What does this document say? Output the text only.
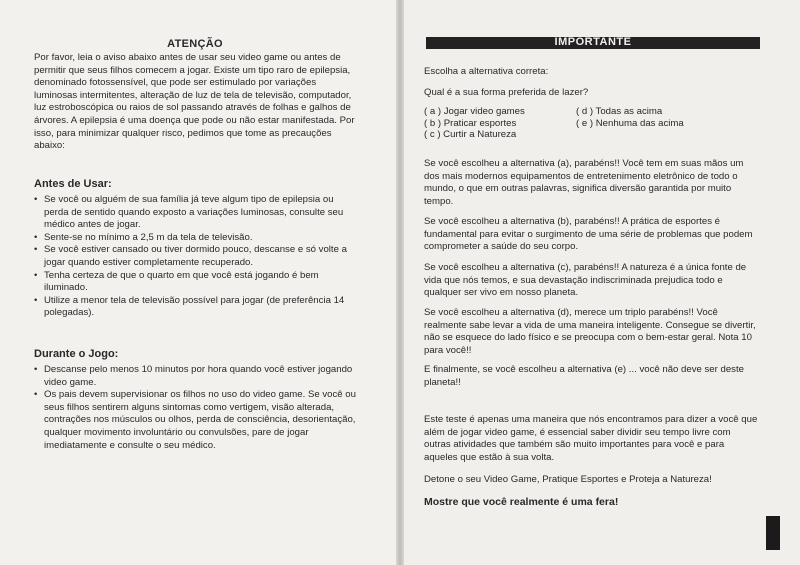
ATENÇÃO

Por favor, leia o aviso abaixo antes de usar seu video game ou antes de permitir que seus filhos comecem a jogar. Existe um tipo raro de epilepsia, denominado fotossensível, que pode ser estimulado por variações luminosas intermitentes, alteração de luz de tela de televisão, computador, luz estroboscópica ou raios de sol passando através de folhas e galhos de árvores. A epilepsia é uma doença que pode ou não estar manifestada. Por isso, para minimizar qualquer risco, pedimos que tome as precauções abaixo:

Antes de Usar:
• Se você ou alguém de sua família já teve algum tipo de epilepsia ou perda de sentido quando exposto a variações luminosas, consulte seu médico antes de jogar.
• Sente-se no mínimo a 2,5 m da tela de televisão.
• Se você estiver cansado ou tiver dormido pouco, descanse e só volte a jogar quando estiver completamente recuperado.
• Tenha certeza de que o quarto em que você está jogando é bem iluminado.
• Utilize a menor tela de televisão possível para jogar (de preferência 14 polegadas).
Durante o Jogo:
• Descanse pelo menos 10 minutos por hora quando você estiver jogando video game.
• Os pais devem supervisionar os filhos no uso do video game. Se você ou seus filhos sentirem alguns sintomas como vertigem, visão alterada, contrações nos músculos ou olhos, perda de consciência, desorientação, qualquer movimento involuntário ou convulsões, pare de jogar imediatamente e consulte o seu médico.
IMPORTANTE

Escolha a alternativa correta:

Qual é a sua forma preferida de lazer?

( a ) Jogar video games
( b ) Praticar esportes
( c ) Curtir a Natureza
( d ) Todas as acima
( e ) Nenhuma das acima

Se você escolheu a alternativa (a), parabéns!! Você tem em suas mãos um dos mais modernos equipamentos de entretenimento eletrônico de todo o mundo, o que em outras palavras, significa diversão garantida por muito tempo.

Se você escolheu a alternativa (b), parabéns!! A prática de esportes é fundamental para evitar o surgimento de uma série de problemas que podem comprometer a saúde do seu corpo.

Se você escolheu a alternativa (c), parabéns!! A natureza é a única fonte de vida que nós temos, e sua devastação indiscriminada prejudica todo e qualquer ser vivo em nosso planeta.

Se você escolheu a alternativa (d), merece um triplo parabéns!! Você realmente sabe levar a vida de uma maneira inteligente. Consegue se divertir, não se esquece do lado físico e se preocupa com o bem-estar geral. Nota 10 para você!!

E finalmente, se você escolheu a alternativa (e) ... você não deve ser deste planeta!!

Este teste é apenas uma maneira que nós encontramos para dizer a você que além de jogar video game, é essencial saber dividir seu tempo livre com outras atividades que também são muito importantes para você e para aqueles que estão à sua volta.

Detone o seu Video Game, Pratique Esportes e Proteja a Natureza!

Mostre que você realmente é uma fera!

1
